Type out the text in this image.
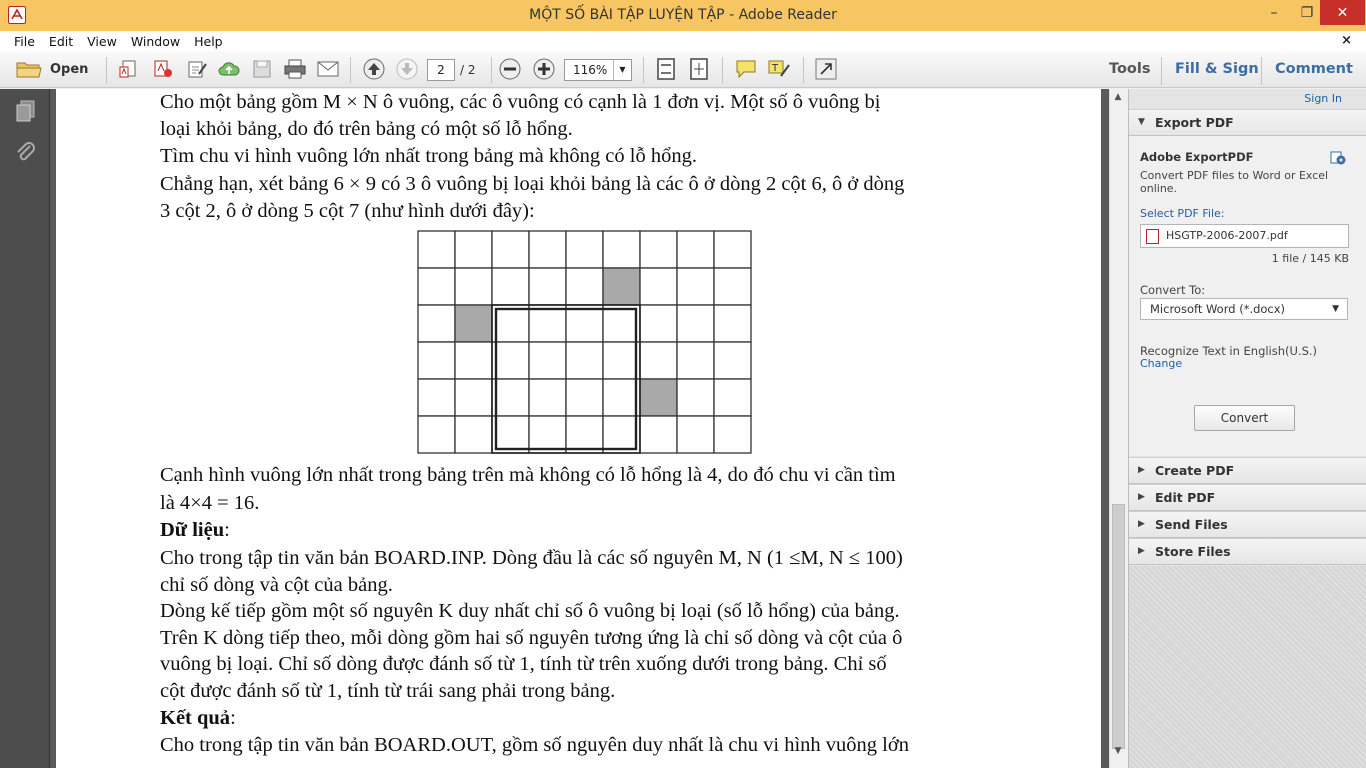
MỘT SỐ BÀI TẬP LUYỆN TẬP - Adobe Reader	–	❐	✕
File	Edit	View	Window	Help	×
Open	2	/ 2	116%	▼	T	Tools Fill & Sign Comment
Cho một bảng gồm M × N ô vuông, các ô vuông có cạnh là 1 đơn vị. Một số ô vuông bị
loại khỏi bảng, do đó trên bảng có một số lỗ hổng.
Tìm chu vi hình vuông lớn nhất trong bảng mà không có lỗ hổng.
Chẳng hạn, xét bảng 6 × 9 có 3 ô vuông bị loại khỏi bảng là các ô ở dòng 2 cột 6, ô ở dòng
3 cột 2, ô ở dòng 5 cột 7 (như hình dưới đây):
Cạnh hình vuông lớn nhất trong bảng trên mà không có lỗ hổng là 4, do đó chu vi cần tìm
là 4×4 = 16.
Dữ liệu:
Cho trong tập tin văn bản BOARD.INP. Dòng đầu là các số nguyên M, N (1 ≤M, N ≤ 100)
chỉ số dòng và cột của bảng.
Dòng kế tiếp gồm một số nguyên K duy nhất chỉ số ô vuông bị loại (số lỗ hổng) của bảng.
Trên K dòng tiếp theo, mỗi dòng gồm hai số nguyên tương ứng là chỉ số dòng và cột của ô
vuông bị loại. Chỉ số dòng được đánh số từ 1, tính từ trên xuống dưới trong bảng. Chỉ số
cột được đánh số từ 1, tính từ trái sang phải trong bảng.
Kết quả:
Cho trong tập tin văn bản BOARD.OUT, gồm số nguyên duy nhất là chu vi hình vuông lớn
▲
▼
Sign In
▼ Export PDF
Adobe ExportPDF
Convert PDF files to Word or Excel
online.
Select PDF File:
HSGTP-2006-2007.pdf
1 file / 145 KB
Convert To:
Microsoft Word (*.docx)	▼
Recognize Text in English(U.S.)
Change
Convert
▶ Create PDF
▶ Edit PDF
▶ Send Files
▶ Store Files
